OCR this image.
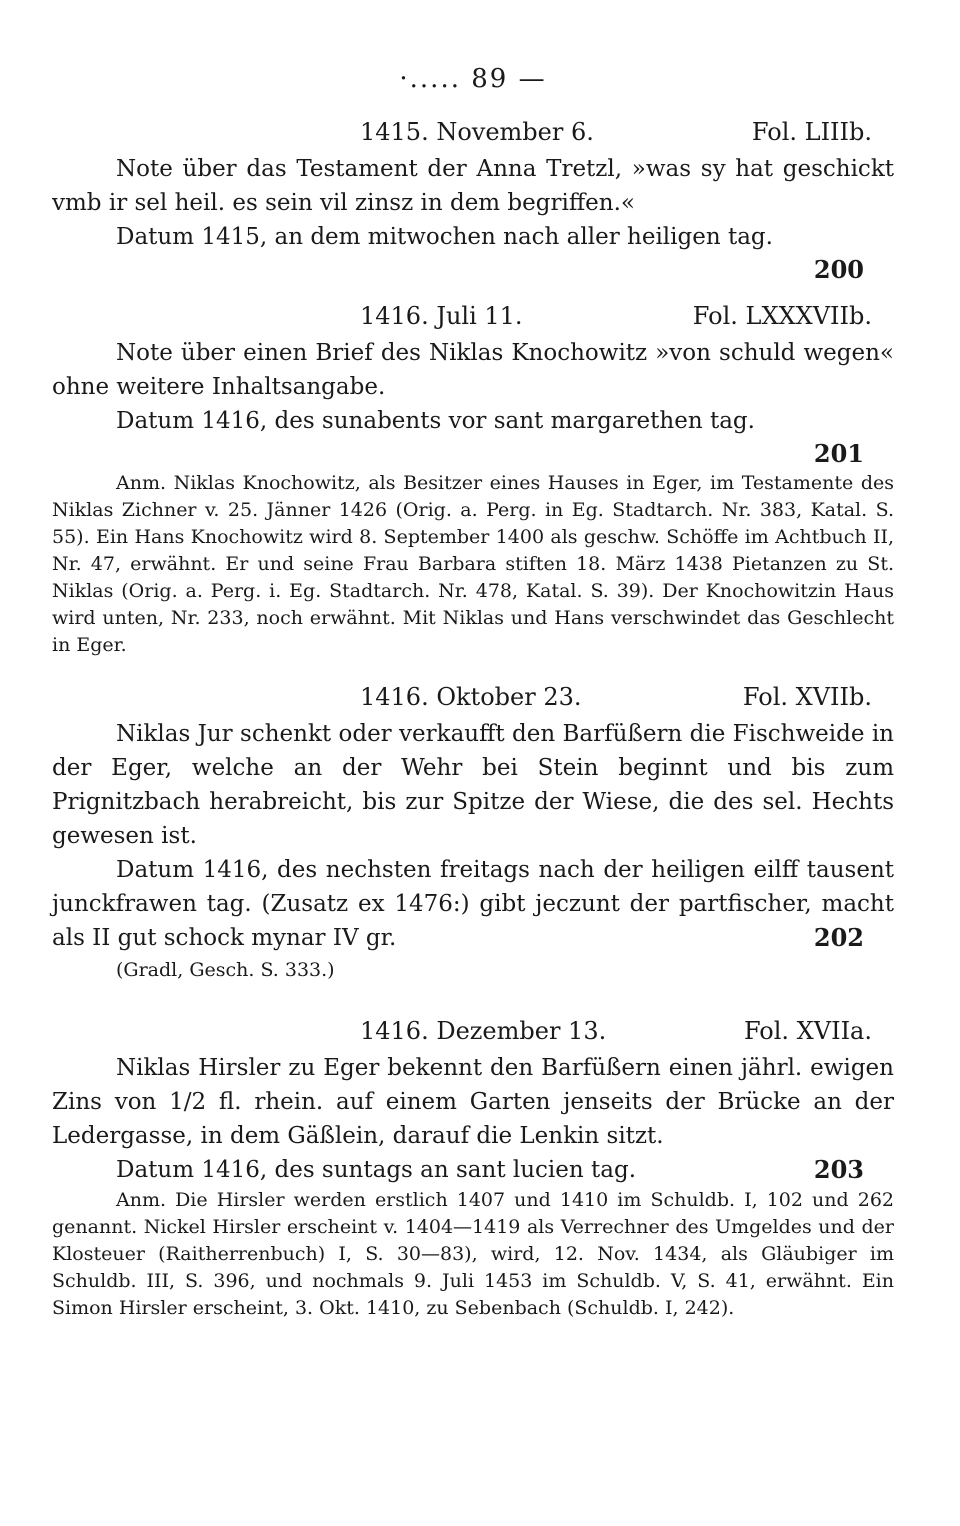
·..... 89 —
1415. November 6.	Fol. LIIIb.

Note über das Testament der Anna Tretzl, »was sy hat geschickt vmb ir sel heil. es sein vil zinsz in dem begriffen.«

Datum 1415, an dem mitwochen nach aller heiligen tag.

200
1416. Juli 11.	Fol. LXXXVIIb.

Note über einen Brief des Niklas Knochowitz »von schuld wegen« ohne weitere Inhaltsangabe.

Datum 1416, des sunabents vor sant margarethen tag.

201

Anm. Niklas Knochowitz, als Besitzer eines Hauses in Eger, im Testamente des Niklas Zichner v. 25. Jänner 1426 (Orig. a. Perg. in Eg. Stadtarch. Nr. 383, Katal. S. 55). Ein Hans Knochowitz wird 8. September 1400 als geschw. Schöffe im Achtbuch II, Nr. 47, erwähnt. Er und seine Frau Barbara stiften 18. März 1438 Pietanzen zu St. Niklas (Orig. a. Perg. i. Eg. Stadtarch. Nr. 478, Katal. S. 39). Der Knochowitzin Haus wird unten, Nr. 233, noch erwähnt. Mit Niklas und Hans verschwindet das Geschlecht in Eger.

1416. Oktober 23.	Fol. XVIIb.

Niklas Jur schenkt oder verkaufft den Barfüßern die Fischweide in der Eger, welche an der Wehr bei Stein beginnt und bis zum Prignitzbach herabreicht, bis zur Spitze der Wiese, die des sel. Hechts gewesen ist.

Datum 1416, des nechsten freitags nach der heiligen eilff tausent junckfrawen tag. (Zusatz ex 1476:) gibt jeczunt der partfischer, macht als II gut schock mynar IV gr.	202

(Gradl, Gesch. S. 333.)

1416. Dezember 13.	Fol. XVIIa.

Niklas Hirsler zu Eger bekennt den Barfüßern einen jährl. ewigen Zins von 1/2 fl. rhein. auf einem Garten jenseits der Brücke an der Ledergasse, in dem Gäßlein, darauf die Lenkin sitzt.

Datum 1416, des suntags an sant lucien tag.	203

Anm. Die Hirsler werden erstlich 1407 und 1410 im Schuldb. I, 102 und 262 genannt. Nickel Hirsler erscheint v. 1404—1419 als Verrechner des Umgeldes und der Klosteuer (Raitherrenbuch) I, S. 30—83), wird, 12. Nov. 1434, als Gläubiger im Schuldb. III, S. 396, und nochmals 9. Juli 1453 im Schuldb. V, S. 41, erwähnt. Ein Simon Hirsler erscheint, 3. Okt. 1410, zu Sebenbach (Schuldb. I, 242).
